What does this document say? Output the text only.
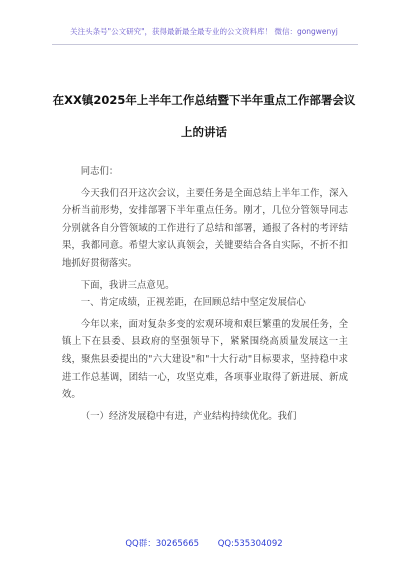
关注头条号"公文研究"，获得最新最全最专业的公文资料库！ 微信：gongwenyj
在XX镇2025年上半年工作总结暨下半年重点工作部署会议
上的讲话

同志们：

今天我们召开这次会议，主要任务是全面总结上半年工作，深入分析当前形势，安排部署下半年重点任务。刚才，几位分管领导同志分别就各自分管领域的工作进行了总结和部署，通报了各村的考评结果，我都同意。希望大家认真领会，关键要结合各自实际，不折不扣地抓好贯彻落实。

下面，我讲三点意见。

一、肯定成绩，正视差距，在回顾总结中坚定发展信心

今年以来，面对复杂多变的宏观环境和艰巨繁重的发展任务，全镇上下在县委、县政府的坚强领导下，紧紧围绕高质量发展这一主线，聚焦县委提出的"六大建设"和"十大行动"目标要求，坚持稳中求进工作总基调，团结一心，攻坚克难，各项事业取得了新进展、新成效。

（一）经济发展稳中有进，产业结构持续优化。我们

QQ群：30265665 QQ:535304092
